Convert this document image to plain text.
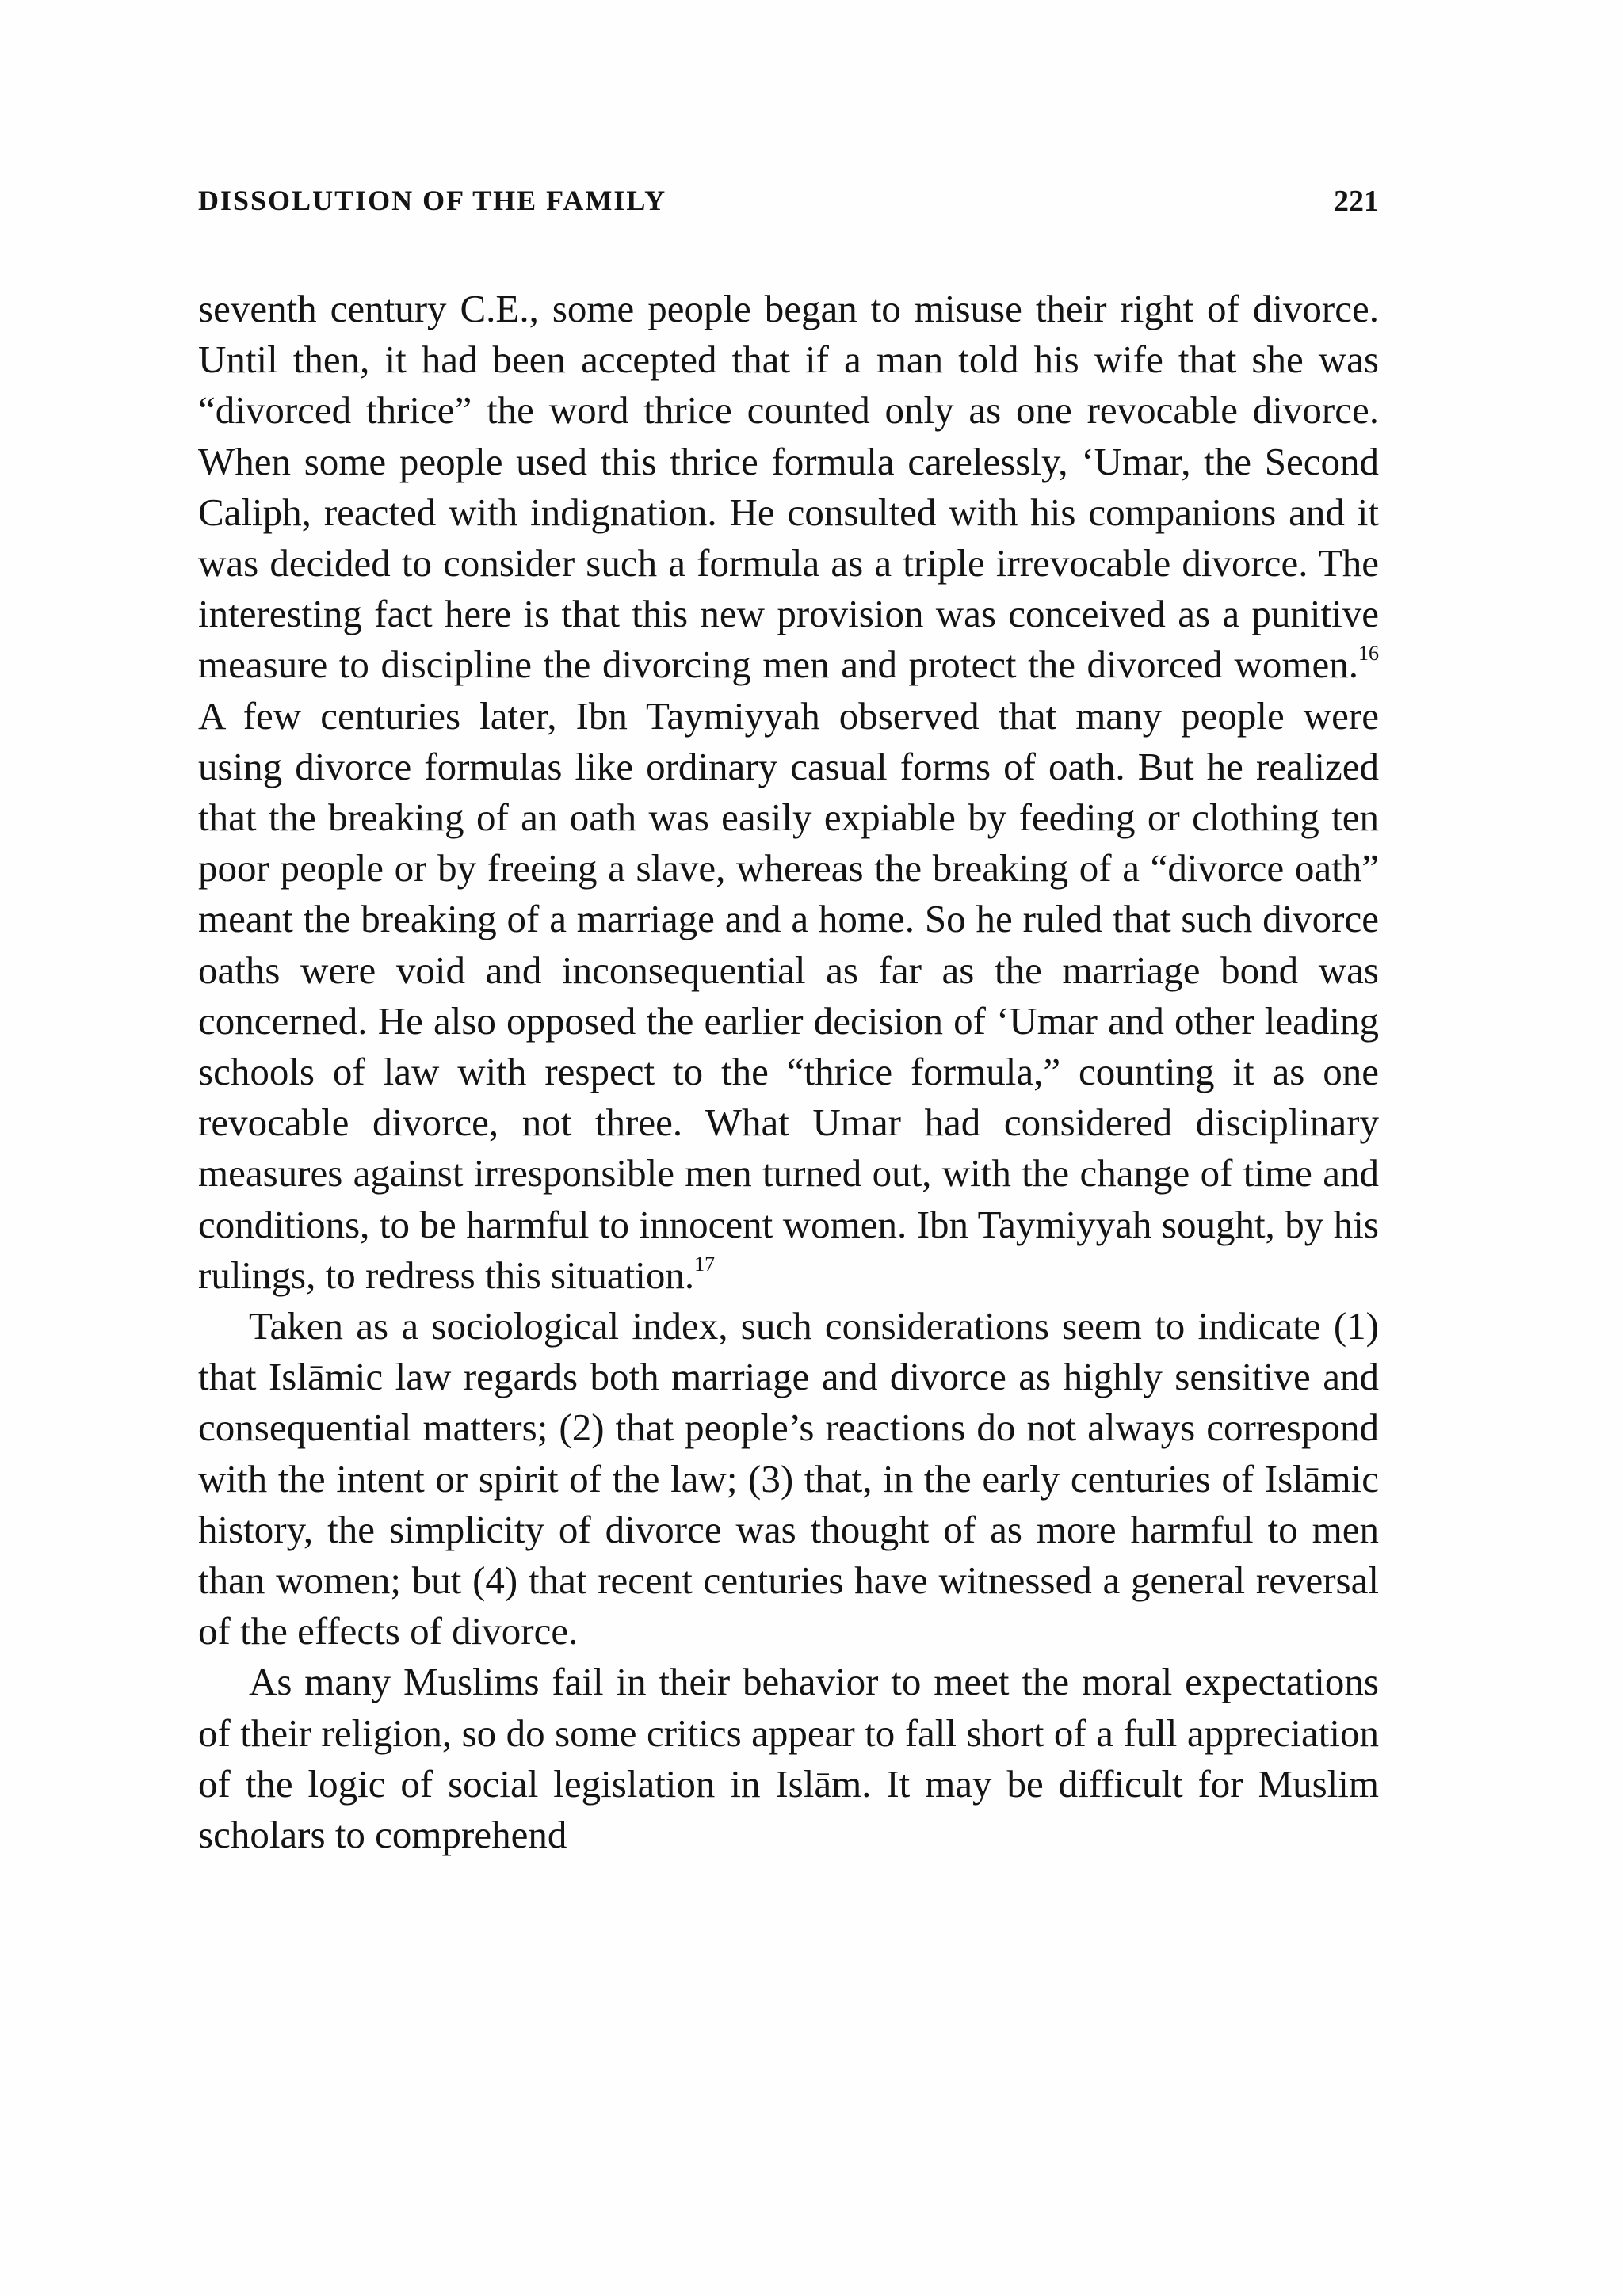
DISSOLUTION OF THE FAMILY	221

seventh century C.E., some people began to misuse their right of divorce. Until then, it had been accepted that if a man told his wife that she was “divorced thrice” the word thrice counted only as one revocable divorce. When some people used this thrice formula carelessly, ‘Umar, the Second Caliph, reacted with indignation. He consulted with his companions and it was decided to consider such a formula as a triple irrevocable divorce. The interesting fact here is that this new provision was conceived as a punitive measure to discipline the divorcing men and protect the divorced women.$^{16}$ A few centuries later, Ibn Taymiyyah observed that many people were using divorce formulas like ordinary casual forms of oath. But he realized that the breaking of an oath was easily expiable by feeding or clothing ten poor people or by freeing a slave, whereas the breaking of a “divorce oath” meant the breaking of a marriage and a home. So he ruled that such divorce oaths were void and inconsequential as far as the marriage bond was concerned. He also opposed the earlier decision of ‘Umar and other leading schools of law with respect to the “thrice formula,” counting it as one revocable divorce, not three. What Umar had considered disciplinary measures against irresponsible men turned out, with the change of time and conditions, to be harmful to innocent women. Ibn Taymiyyah sought, by his rulings, to redress this situation.$^{17}$

Taken as a sociological index, such considerations seem to indicate (1) that Islāmic law regards both marriage and divorce as highly sensitive and consequential matters; (2) that people’s reactions do not always correspond with the intent or spirit of the law; (3) that, in the early centuries of Islāmic history, the simplicity of divorce was thought of as more harmful to men than women; but (4) that recent centuries have witnessed a general reversal of the effects of divorce.

As many Muslims fail in their behavior to meet the moral expectations of their religion, so do some critics appear to fall short of a full appreciation of the logic of social legislation in Islām. It may be difficult for Muslim scholars to comprehend
